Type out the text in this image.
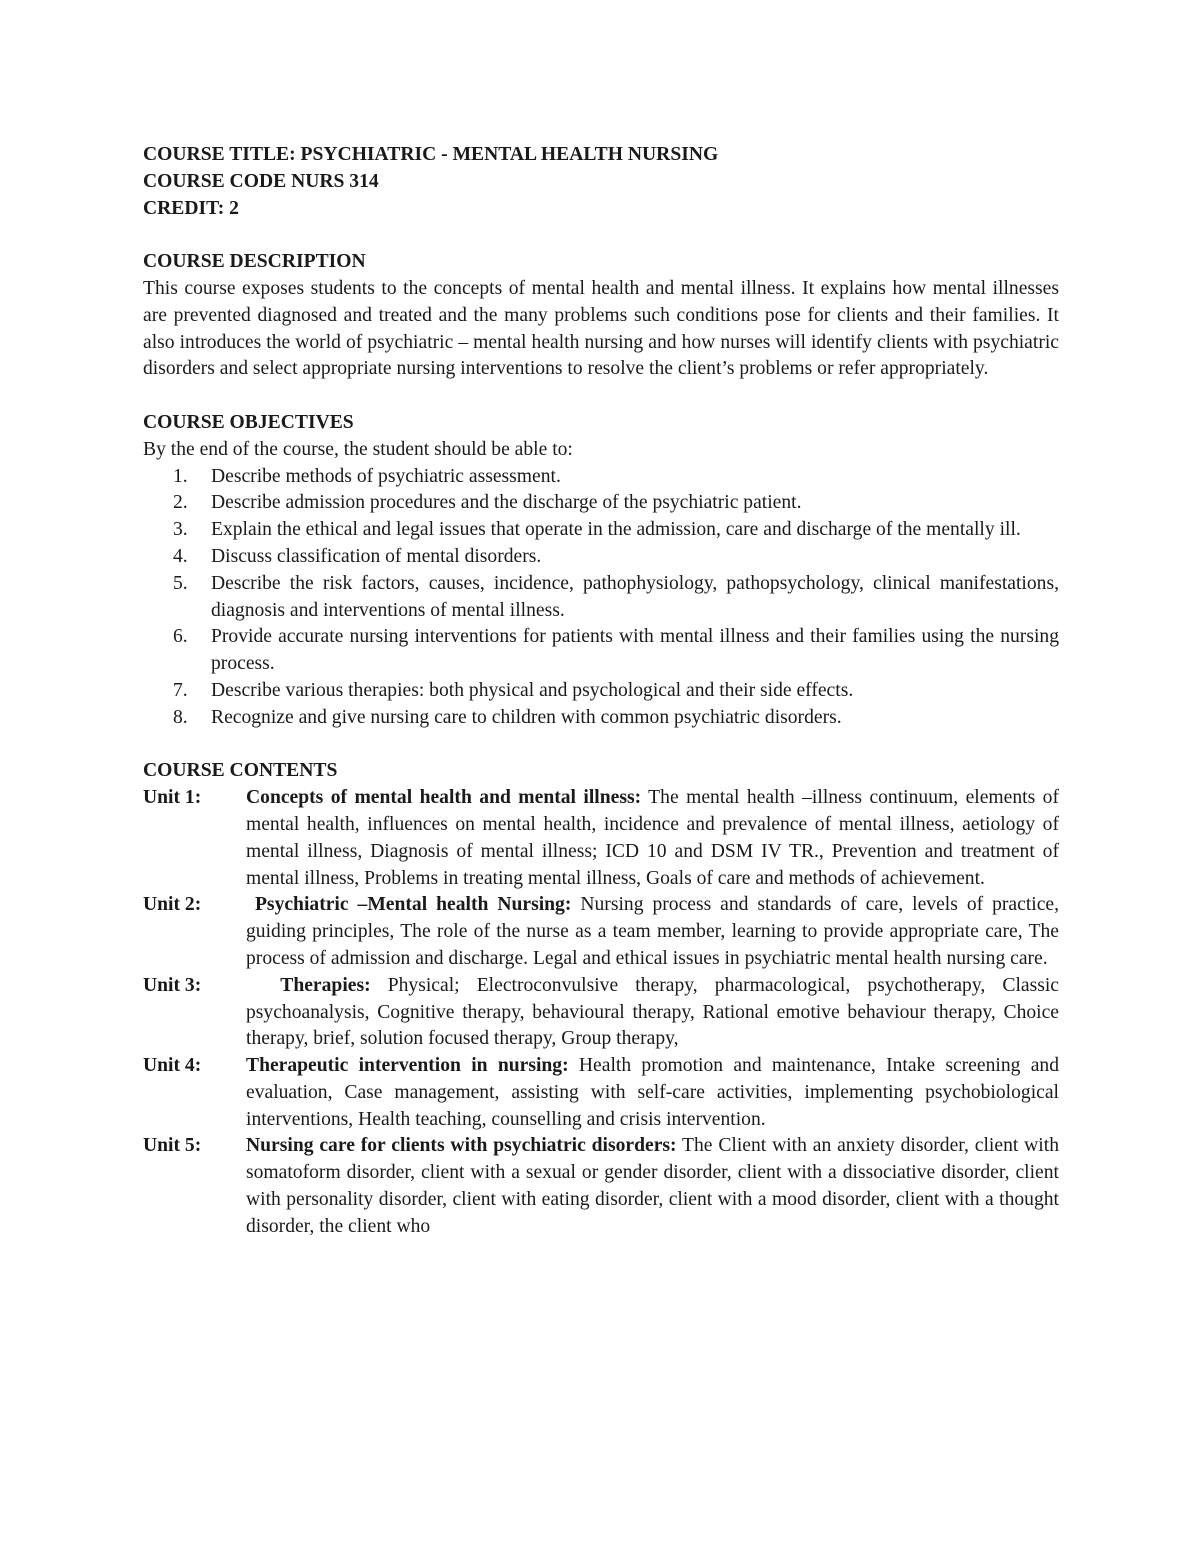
COURSE TITLE: PSYCHIATRIC - MENTAL HEALTH NURSING
COURSE CODE NURS 314
CREDIT: 2
COURSE DESCRIPTION
This course exposes students to the concepts of mental health and mental illness. It explains how mental illnesses are prevented diagnosed and treated and the many problems such conditions pose for clients and their families. It also introduces the world of psychiatric – mental health nursing and how nurses will identify clients with psychiatric disorders and select appropriate nursing interventions to resolve the client’s problems or refer appropriately.
COURSE OBJECTIVES
By the end of the course, the student should be able to:
1. Describe methods of psychiatric assessment.
2. Describe admission procedures and the discharge of the psychiatric patient.
3. Explain the ethical and legal issues that operate in the admission, care and discharge of the mentally ill.
4. Discuss classification of mental disorders.
5. Describe the risk factors, causes, incidence, pathophysiology, pathopsychology, clinical manifestations, diagnosis and interventions of mental illness.
6. Provide accurate nursing interventions for patients with mental illness and their families using the nursing process.
7. Describe various therapies: both physical and psychological and their side effects.
8. Recognize and give nursing care to children with common psychiatric disorders.
COURSE CONTENTS
Unit 1: Concepts of mental health and mental illness: The mental health –illness continuum, elements of mental health, influences on mental health, incidence and prevalence of mental illness, aetiology of mental illness, Diagnosis of mental illness; ICD 10 and DSM IV TR., Prevention and treatment of mental illness, Problems in treating mental illness, Goals of care and methods of achievement.
Unit 2: Psychiatric –Mental health Nursing: Nursing process and standards of care, levels of practice, guiding principles, The role of the nurse as a team member, learning to provide appropriate care, The process of admission and discharge. Legal and ethical issues in psychiatric mental health nursing care.
Unit 3: Therapies: Physical; Electroconvulsive therapy, pharmacological, psychotherapy, Classic psychoanalysis, Cognitive therapy, behavioural therapy, Rational emotive behaviour therapy, Choice therapy, brief, solution focused therapy, Group therapy,
Unit 4: Therapeutic intervention in nursing: Health promotion and maintenance, Intake screening and evaluation, Case management, assisting with self-care activities, implementing psychobiological interventions, Health teaching, counselling and crisis intervention.
Unit 5: Nursing care for clients with psychiatric disorders: The Client with an anxiety disorder, client with somatoform disorder, client with a sexual or gender disorder, client with a dissociative disorder, client with personality disorder, client with eating disorder, client with a mood disorder, client with a thought disorder, the client who
